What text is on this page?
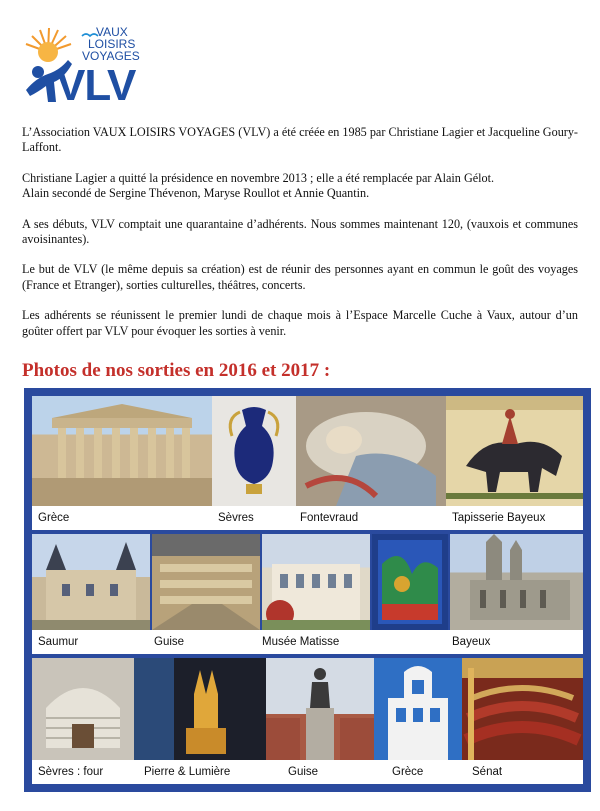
VAUX
LOISIRS
VOYAGES
VLV

L’Association VAUX LOISIRS VOYAGES (VLV) a été créée en 1985 par Christiane Lagier et Jacqueline Goury-Laffont.

Christiane Lagier a quitté la présidence en novembre 2013 ; elle a été remplacée par Alain Gélot.

Alain secondé de Sergine Thévenon, Maryse Roullot et Annie Quantin.

A ses débuts, VLV comptait une quarantaine d’adhérents. Nous sommes maintenant 120, (vauxois et communes avoisinantes).

Le but de VLV (le même depuis sa création) est de réunir des personnes ayant en commun le goût des voyages (France et Etranger), sorties culturelles, théâtres, concerts.

Les adhérents se réunissent le premier lundi de chaque mois à l’Espace Marcelle Cuche à Vaux, autour d’un goûter offert par VLV pour évoquer les sorties à venir.

Photos de nos sorties en 2016 et 2017 :
Grèce	Sèvres	Fontevraud	Tapisserie Bayeux
Saumur	Guise	Musée Matisse	Bayeux
Sèvres : four	Pierre & Lumière	Guise	Grèce	Sénat
